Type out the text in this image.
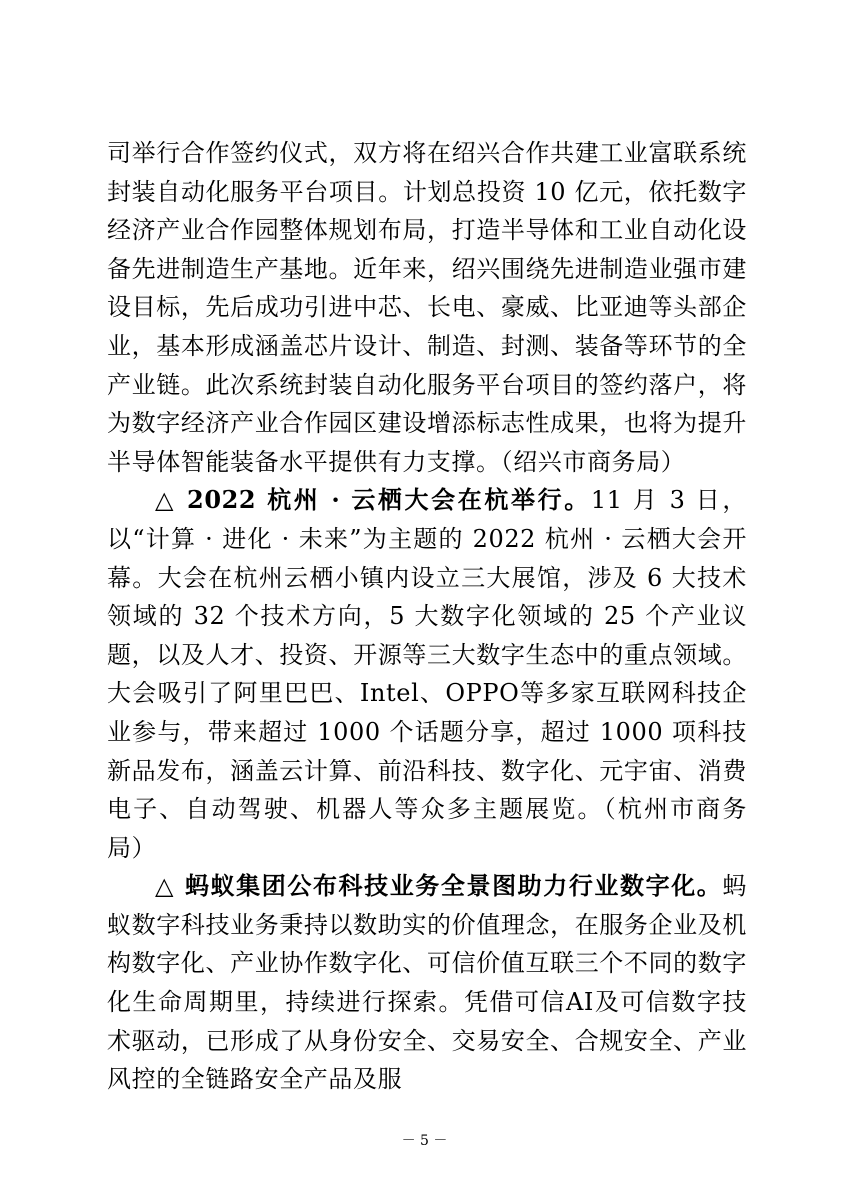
司举行合作签约仪式，双方将在绍兴合作共建工业富联系统封装自动化服务平台项目。计划总投资 10 亿元，依托数字经济产业合作园整体规划布局，打造半导体和工业自动化设备先进制造生产基地。近年来，绍兴围绕先进制造业强市建设目标，先后成功引进中芯、长电、豪威、比亚迪等头部企业，基本形成涵盖芯片设计、制造、封测、装备等环节的全产业链。此次系统封装自动化服务平台项目的签约落户，将为数字经济产业合作园区建设增添标志性成果，也将为提升半导体智能装备水平提供有力支撑。（绍兴市商务局）

△ 2022 杭州 · 云栖大会在杭举行。11 月 3 日，以“计算 · 进化 · 未来”为主题的 2022 杭州 · 云栖大会开幕。大会在杭州云栖小镇内设立三大展馆，涉及 6 大技术领域的 32 个技术方向，5 大数字化领域的 25 个产业议题，以及人才、投资、开源等三大数字生态中的重点领域。大会吸引了阿里巴巴、Intel、OPPO等多家互联网科技企业参与，带来超过 1000 个话题分享，超过 1000 项科技新品发布，涵盖云计算、前沿科技、数字化、元宇宙、消费电子、自动驾驶、机器人等众多主题展览。（杭州市商务局）

△ 蚂蚁集团公布科技业务全景图助力行业数字化。蚂蚁数字科技业务秉持以数助实的价值理念，在服务企业及机构数字化、产业协作数字化、可信价值互联三个不同的数字化生命周期里，持续进行探索。凭借可信AI及可信数字技术驱动，已形成了从身份安全、交易安全、合规安全、产业风控的全链路安全产品及服

－ 5 －
